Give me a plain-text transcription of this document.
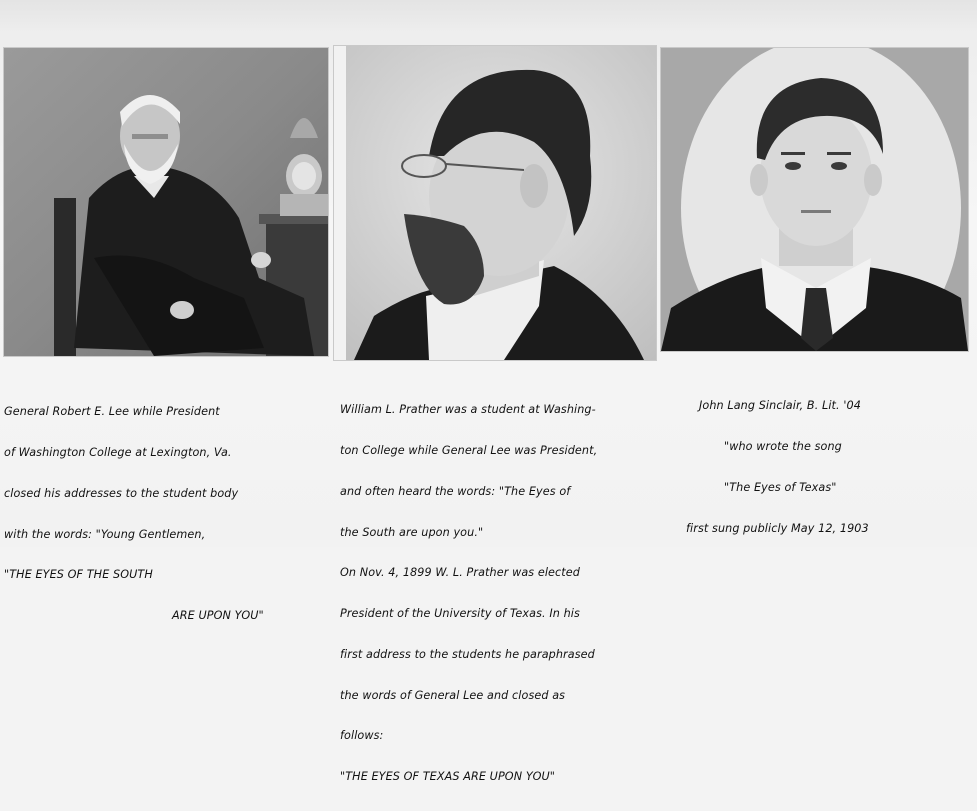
General Robert E. Lee while President

of Washington College at Lexington, Va.

closed his addresses to the student body

with the words: "Young Gentlemen,

"THE EYES OF THE SOUTH

ARE UPON YOU"

William L. Prather was a student at Washing-

ton College while General Lee was President,

and often heard the words: "The Eyes of

the South are upon you."

On Nov. 4, 1899 W. L. Prather was elected

President of the University of Texas. In his

first address to the students he paraphrased

the words of General Lee and closed as

follows:

"THE EYES OF TEXAS ARE UPON YOU"

John Lang Sinclair, B. Lit. '04

"who wrote the song

"The Eyes of Texas"

first sung publicly May 12, 1903
